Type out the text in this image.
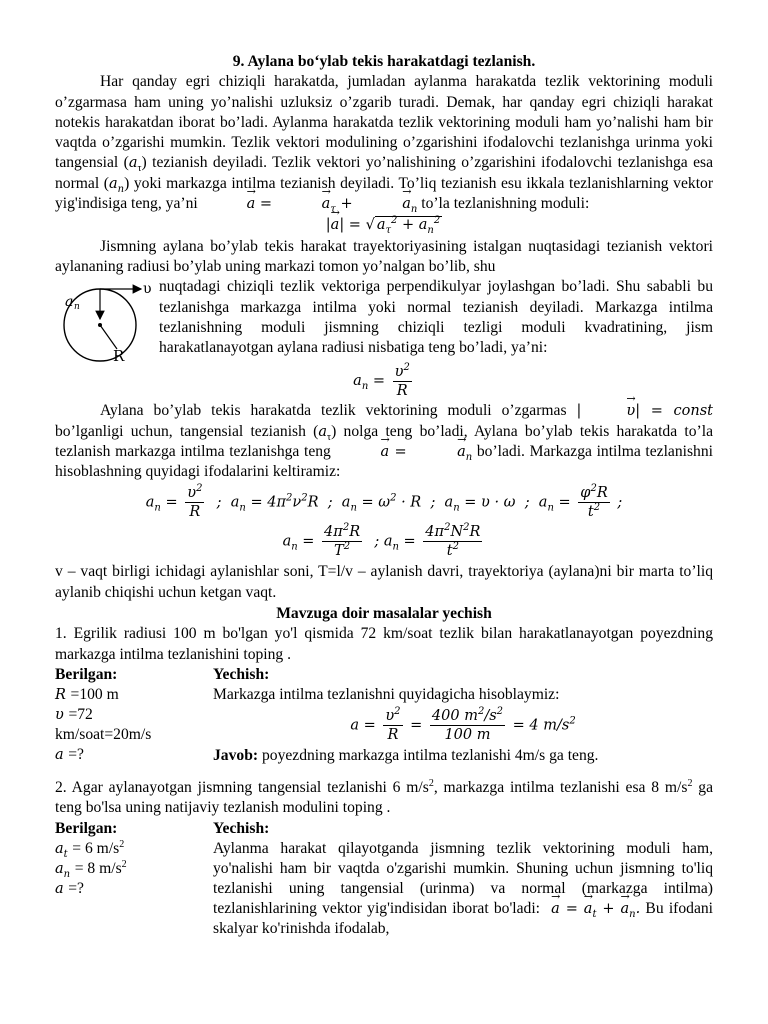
9. Aylana bo‘ylab tekis harakatdagi tezlanish.

Har qanday egri chiziqli harakatda, jumladan aylanma harakatda tezlik vektorining moduli o’zgarmasa ham uning yo’nalishi uzluksiz o’zgarib turadi. Demak, har qanday egri chiziqli harakat notekis harakatdan iborat bo’ladi. Aylanma harakatda tezlik vektorining moduli ham yo’nalishi ham bir vaqtda o’zgarishi mumkin. Tezlik vektori modulining o’zgarishini ifodalovchi tezlanishga urinma yoki tangensial $(a_\tau)$ tezianish deyiladi. Tezlik vektori yo’nalishining o’zgarishini ifodalovchi tezlanishga esa normal $(a_n)$ yoki markazga intilma tezianish deyiladi. To’liq tezianish esu ikkala tezlanishlarning vektor yig'indisiga teng, ya’ni	→ a =	→ $a_\tau$ +	→ $a_n$ to’la tezlanishning moduli:

|→ a| = √ $a_\tau^2 + a_n^2$

Jismning aylana bo’ylab tekis harakat trayektoriyasining istalgan nuqtasidagi tezianish vektori aylananing radiusi bo’ylab uning markazi tomon yo’nalgan bo’lib, shu

a n
υ
R

nuqtadagi chiziqli tezlik vektoriga perpendikulyar joylashgan bo’ladi. Shu sababli bu tezlanishga markazga intilma yoki normal tezianish deyiladi. Markazga intilma tezlanishning moduli jismning chiziqli tezligi moduli kvadratining, jism harakatlanayotgan aylana radiusi nisbatiga teng bo’ladi, ya’ni:

$a_n = \frac{\upsilon^2}{R}$

Aylana bo’ylab tekis harakatda tezlik vektorining moduli o’zgarmas |	→ υ| = const bo’lganligi uchun, tangensial tezianish $(a_\tau)$ nolga teng bo’ladi, Aylana bo’ylab tekis harakatda to’la tezlanish markazga intilma tezlanishga teng	→ a =	→ $a_n$ bo’ladi. Markazga intilma tezlanishni hisoblashning quyidagi ifodalarini keltiramiz:

$a_n = \frac{\upsilon^2}{R}$ ;  $a_n = 4\pi^2\nu^2R$  ;  $a_n = \omega^2 \cdot R$  ;  $a_n = \upsilon \cdot \omega$  ;  $a_n = \frac{\varphi^2R}{t^2}$ ;

$a_n = \frac{4\pi^2R}{T^2}$ ; $a_n = \frac{4\pi^2N^2R}{t^2}$

v – vaqt birligi ichidagi aylanishlar soni, T=l/v – aylanish davri, trayektoriya (aylana)ni bir marta to’liq aylanib chiqishi uchun ketgan vaqt.

Mavzuga doir masalalar yechish

1. Egrilik radiusi 100 m bo'lgan yo'l qismida 72 km/soat tezlik bilan harakatlanayotgan poyezdning markazga intilma tezlanishini toping .

Berilgan:
R =100 m
υ =72
km/soat=20m/s
a =?
Yechish:
Markazga intilma tezlanishni quyidagicha hisoblaymiz:
$a = \frac{\upsilon^2}{R} = \frac{400 m^2/s^2}{100 m} = 4$ $m/s^2$
Javob: poyezdning markazga intilma tezlanishi 4m/s ga teng.

2. Agar aylanayotgan jismning tangensial tezlanishi 6 $m/s^2$, markazga intilma tezlanishi esa 8 $m/s^2$ ga teng bo'lsa uning natijaviy tezlanish modulini toping .

Berilgan:
$a_t = 6$ $m/s^2$
$a_n = 8$ $m/s^2$
a =?
Yechish:
Aylanma harakat qilayotganda jismning tezlik vektorining moduli ham, yo'nalishi ham bir vaqtda o'zgarishi mumkin. Shuning uchun jismning to'liq tezlanishi uning tangensial (urinma) va normal (markazga intilma) tezlanishlarining vektor yig'indisidan iborat bo'ladi: → a = → $a_t$ + → $a_n$. Bu ifodani skalyar ko'rinishda ifodalab,
